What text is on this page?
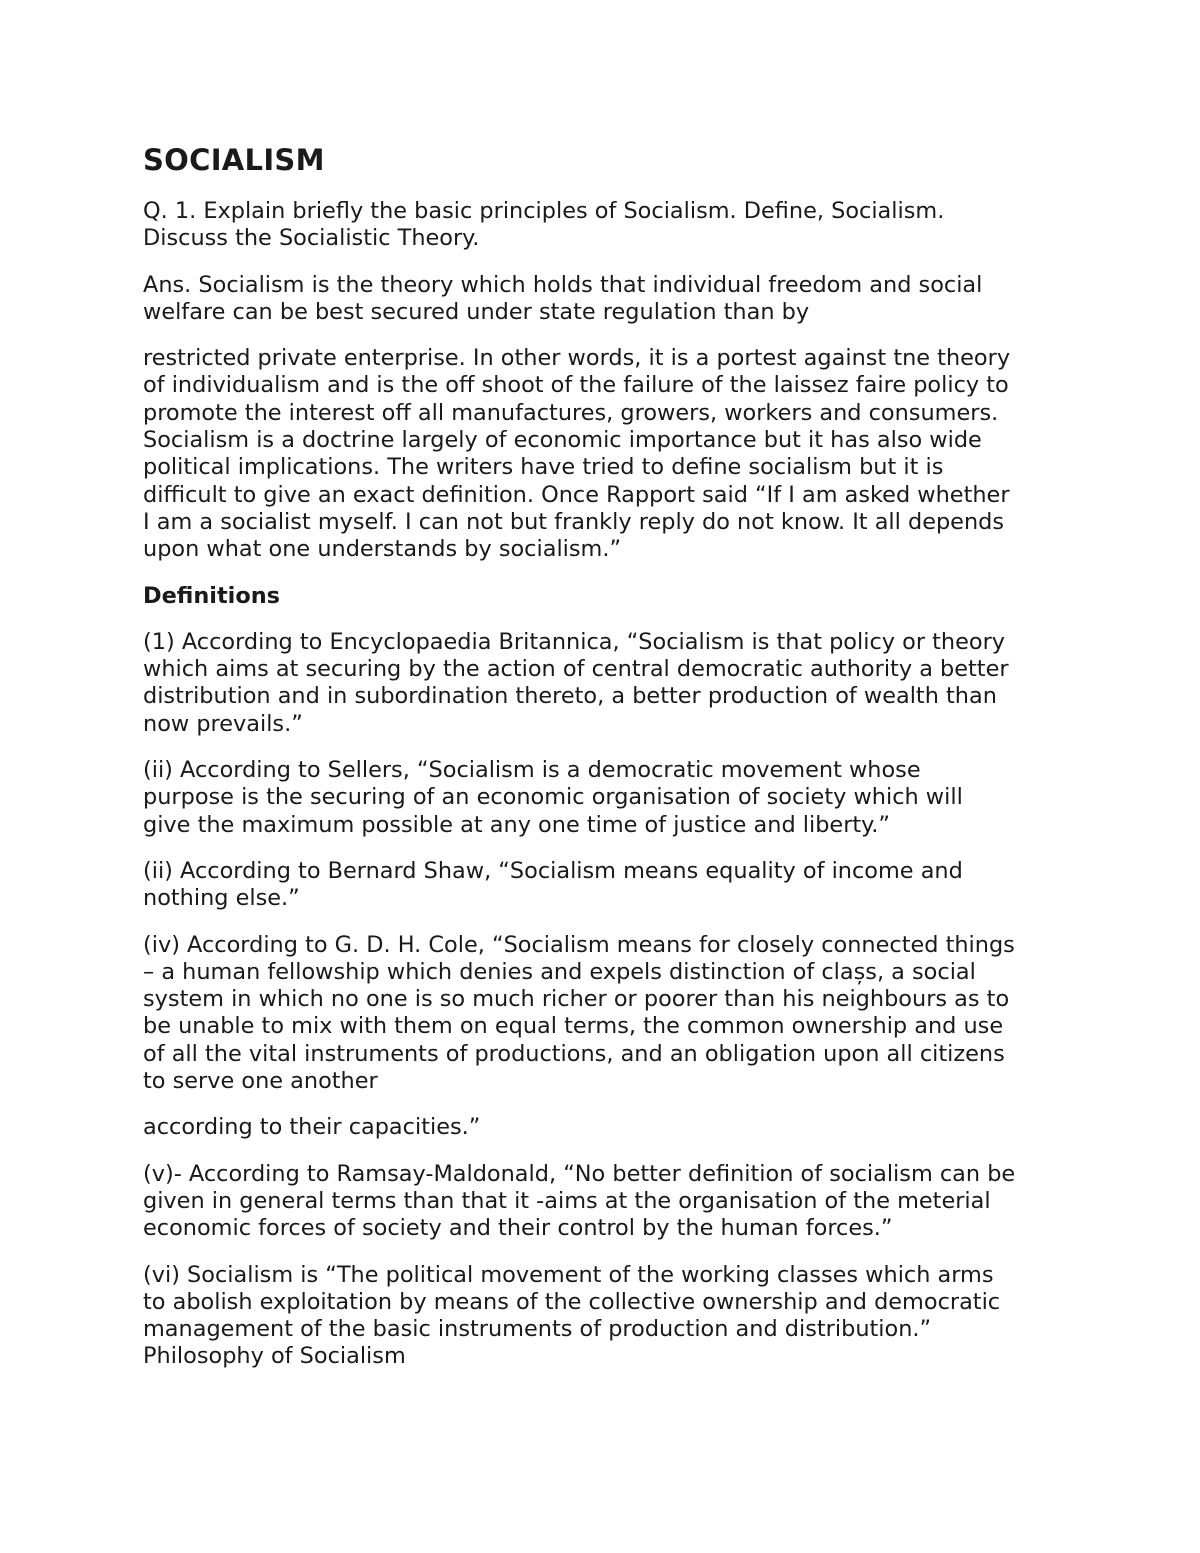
SOCIALISM
Q. 1. Explain briefly the basic principles of Socialism. Define, Socialism.
Discuss the Socialistic Theory.
Ans. Socialism is the theory which holds that individual freedom and social
welfare can be best secured under state regulation than by
restricted private enterprise. In other words, it is a portest against tne theory
of individualism and is the off shoot of the failure of the laissez faire policy to
promote the interest off all manufactures, growers, workers and consumers.
Socialism is a doctrine largely of economic importance but it has also wide
political implications. The writers have tried to define socialism but it is
difficult to give an exact definition. Once Rapport said “If I am asked whether
I am a socialist myself. I can not but frankly reply do not know. It all depends
upon what one understands by socialism.”
Definitions
(1) According to Encyclopaedia Britannica, “Socialism is that policy or theory
which aims at securing by the action of central democratic authority a better
distribution and in subordination thereto, a better production of wealth than
now prevails.”
(ii) According to Sellers, “Socialism is a democratic movement whose
purpose is the securing of an economic organisation of society which will
give the maximum possible at any one time of justice and liberty.”
(ii) According to Bernard Shaw, “Socialism means equality of income and
nothing else.”
(iv) According to G. D. H. Cole, “Socialism means for closely connected things
– a human fellowship which denies and expels distinction of clașs, a social
system in which no one is so much richer or poorer than his neighbours as to
be unable to mix with them on equal terms, the common ownership and use
of all the vital instruments of productions, and an obligation upon all citizens
to serve one another
according to their capacities.”
(v)- According to Ramsay-Maldonald, “No better definition of socialism can be
given in general terms than that it -aims at the organisation of the meterial
economic forces of society and their control by the human forces.”
(vi) Socialism is “The political movement of the working classes which arms
to abolish exploitation by means of the collective ownership and democratic
management of the basic instruments of production and distribution.”
Philosophy of Socialism
